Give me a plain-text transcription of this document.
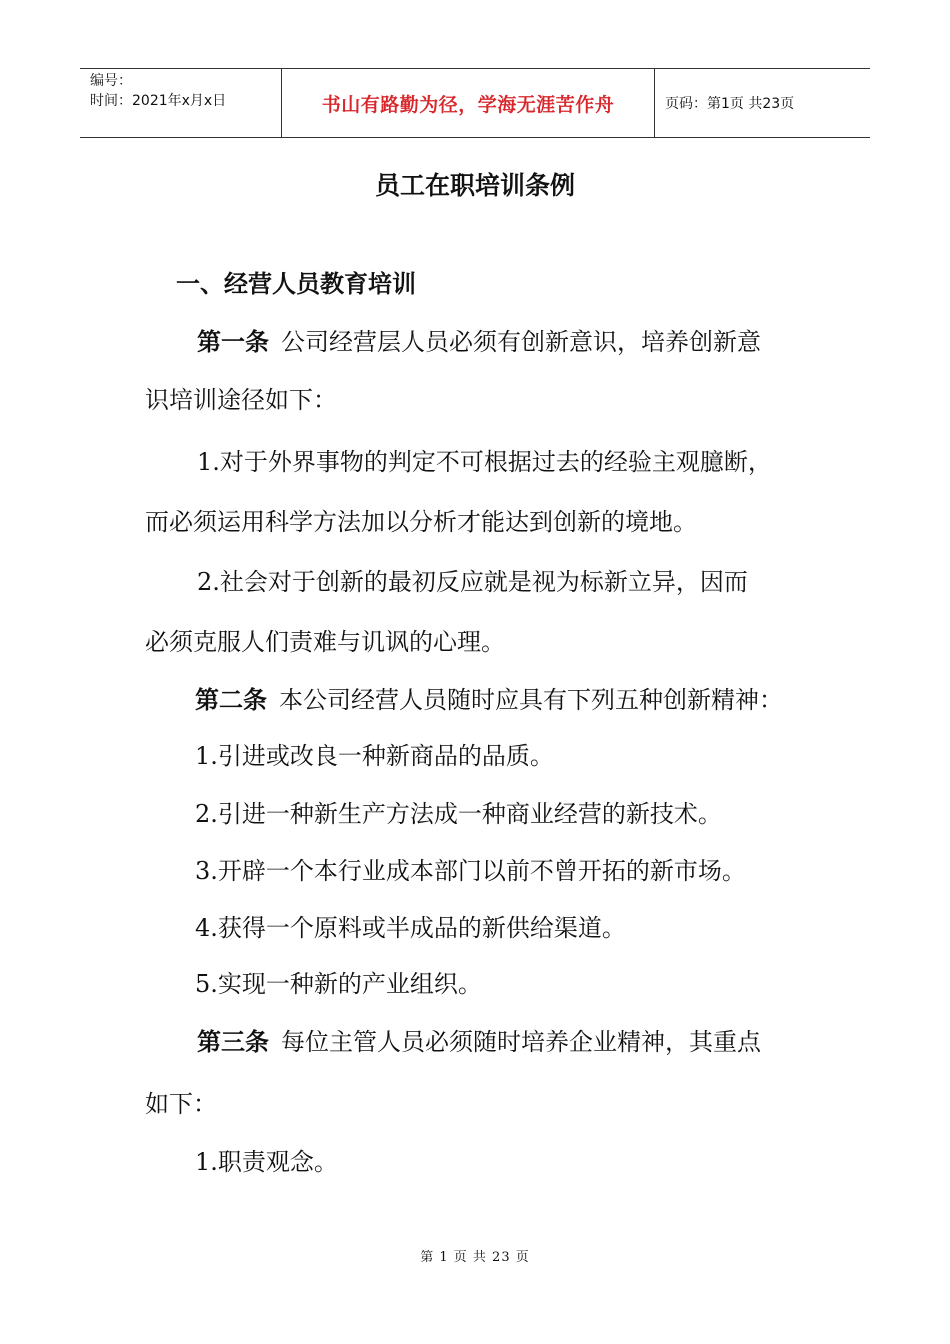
编号：
时间：2021年x月x日	书山有路勤为径，学海无涯苦作舟	页码：第1页 共23页
员工在职培训条例
一、经营人员教育培训
第一条 公司经营层人员必须有创新意识，培养创新意
识培训途径如下：
1.对于外界事物的判定不可根据过去的经验主观臆断，
而必须运用科学方法加以分析才能达到创新的境地。
2.社会对于创新的最初反应就是视为标新立异，因而
必须克服人们责难与讥讽的心理。
第二条 本公司经营人员随时应具有下列五种创新精神：
1.引进或改良一种新商品的品质。
2.引进一种新生产方法成一种商业经营的新技术。
3.开辟一个本行业成本部门以前不曾开拓的新市场。
4.获得一个原料或半成品的新供给渠道。
5.实现一种新的产业组织。
第三条 每位主管人员必须随时培养企业精神，其重点
如下：
1.职责观念。
第 1 页 共 23 页
